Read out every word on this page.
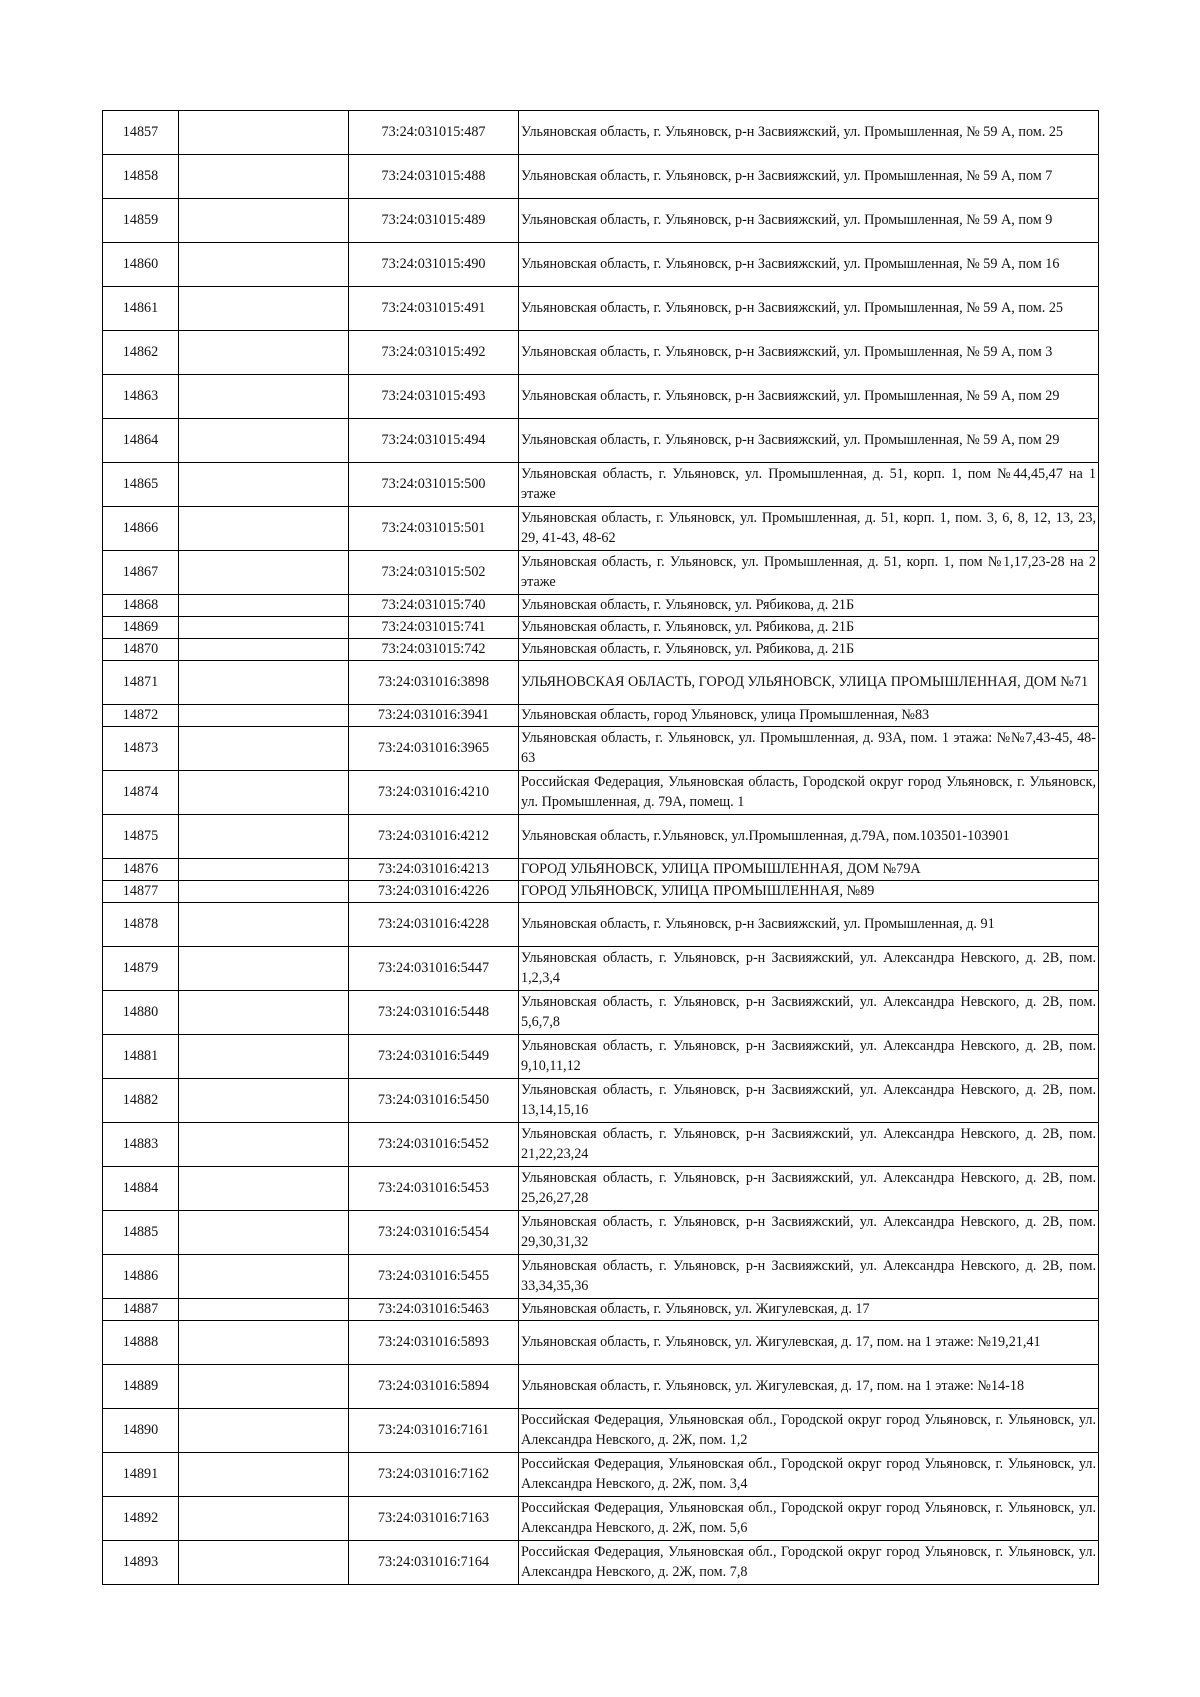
14857		73:24:031015:487	Ульяновская область, г. Ульяновск, р-н Засвияжский, ул. Промышленная, № 59 А, пом. 25
14858		73:24:031015:488	Ульяновская область, г. Ульяновск, р-н Засвияжский, ул. Промышленная, № 59 А, пом 7
14859		73:24:031015:489	Ульяновская область, г. Ульяновск, р-н Засвияжский, ул. Промышленная, № 59 А, пом 9
14860		73:24:031015:490	Ульяновская область, г. Ульяновск, р-н Засвияжский, ул. Промышленная, № 59 А, пом 16
14861		73:24:031015:491	Ульяновская область, г. Ульяновск, р-н Засвияжский, ул. Промышленная, № 59 А, пом. 25
14862		73:24:031015:492	Ульяновская область, г. Ульяновск, р-н Засвияжский, ул. Промышленная, № 59 А, пом 3
14863		73:24:031015:493	Ульяновская область, г. Ульяновск, р-н Засвияжский, ул. Промышленная, № 59 А, пом 29
14864		73:24:031015:494	Ульяновская область, г. Ульяновск, р-н Засвияжский, ул. Промышленная, № 59 А, пом 29
14865		73:24:031015:500	Ульяновская область, г. Ульяновск, ул. Промышленная, д. 51, корп. 1, пом №44,45,47 на 1 этаже
14866		73:24:031015:501	Ульяновская область, г. Ульяновск, ул. Промышленная, д. 51, корп. 1, пом. 3, 6, 8, 12, 13, 23, 29, 41-43, 48-62
14867		73:24:031015:502	Ульяновская область, г. Ульяновск, ул. Промышленная, д. 51, корп. 1, пом №1,17,23-28 на 2 этаже
14868		73:24:031015:740	Ульяновская область, г. Ульяновск, ул. Рябикова, д. 21Б
14869		73:24:031015:741	Ульяновская область, г. Ульяновск, ул. Рябикова, д. 21Б
14870		73:24:031015:742	Ульяновская область, г. Ульяновск, ул. Рябикова, д. 21Б
14871		73:24:031016:3898	УЛЬЯНОВСКАЯ ОБЛАСТЬ, ГОРОД УЛЬЯНОВСК, УЛИЦА ПРОМЫШЛЕННАЯ, ДОМ №71
14872		73:24:031016:3941	Ульяновская область, город Ульяновск, улица Промышленная, №83
14873		73:24:031016:3965	Ульяновская область, г. Ульяновск, ул. Промышленная, д. 93А, пом. 1 этажа: №№7,43-45, 48-63
14874		73:24:031016:4210	Российская Федерация, Ульяновская область, Городской округ город Ульяновск, г. Ульяновск, ул. Промышленная, д. 79А, помещ. 1
14875		73:24:031016:4212	Ульяновская область, г.Ульяновск, ул.Промышленная, д.79А, пом.103501-103901
14876		73:24:031016:4213	ГОРОД УЛЬЯНОВСК, УЛИЦА ПРОМЫШЛЕННАЯ, ДОМ №79А
14877		73:24:031016:4226	ГОРОД УЛЬЯНОВСК, УЛИЦА ПРОМЫШЛЕННАЯ, №89
14878		73:24:031016:4228	Ульяновская область, г. Ульяновск, р-н Засвияжский, ул. Промышленная, д. 91
14879		73:24:031016:5447	Ульяновская область, г. Ульяновск, р-н Засвияжский, ул. Александра Невского, д. 2В, пом. 1,2,3,4
14880		73:24:031016:5448	Ульяновская область, г. Ульяновск, р-н Засвияжский, ул. Александра Невского, д. 2В, пом. 5,6,7,8
14881		73:24:031016:5449	Ульяновская область, г. Ульяновск, р-н Засвияжский, ул. Александра Невского, д. 2В, пом. 9,10,11,12
14882		73:24:031016:5450	Ульяновская область, г. Ульяновск, р-н Засвияжский, ул. Александра Невского, д. 2В, пом. 13,14,15,16
14883		73:24:031016:5452	Ульяновская область, г. Ульяновск, р-н Засвияжский, ул. Александра Невского, д. 2В, пом. 21,22,23,24
14884		73:24:031016:5453	Ульяновская область, г. Ульяновск, р-н Засвияжский, ул. Александра Невского, д. 2В, пом. 25,26,27,28
14885		73:24:031016:5454	Ульяновская область, г. Ульяновск, р-н Засвияжский, ул. Александра Невского, д. 2В, пом. 29,30,31,32
14886		73:24:031016:5455	Ульяновская область, г. Ульяновск, р-н Засвияжский, ул. Александра Невского, д. 2В, пом. 33,34,35,36
14887		73:24:031016:5463	Ульяновская область, г. Ульяновск, ул. Жигулевская, д. 17
14888		73:24:031016:5893	Ульяновская область, г. Ульяновск, ул. Жигулевская, д. 17, пом. на 1 этаже: №19,21,41
14889		73:24:031016:5894	Ульяновская область, г. Ульяновск, ул. Жигулевская, д. 17, пом. на 1 этаже: №14-18
14890		73:24:031016:7161	Российская Федерация, Ульяновская обл., Городской округ город Ульяновск, г. Ульяновск, ул. Александра Невского, д. 2Ж, пом. 1,2
14891		73:24:031016:7162	Российская Федерация, Ульяновская обл., Городской округ город Ульяновск, г. Ульяновск, ул. Александра Невского, д. 2Ж, пом. 3,4
14892		73:24:031016:7163	Российская Федерация, Ульяновская обл., Городской округ город Ульяновск, г. Ульяновск, ул. Александра Невского, д. 2Ж, пом. 5,6
14893		73:24:031016:7164	Российская Федерация, Ульяновская обл., Городской округ город Ульяновск, г. Ульяновск, ул. Александра Невского, д. 2Ж, пом. 7,8
